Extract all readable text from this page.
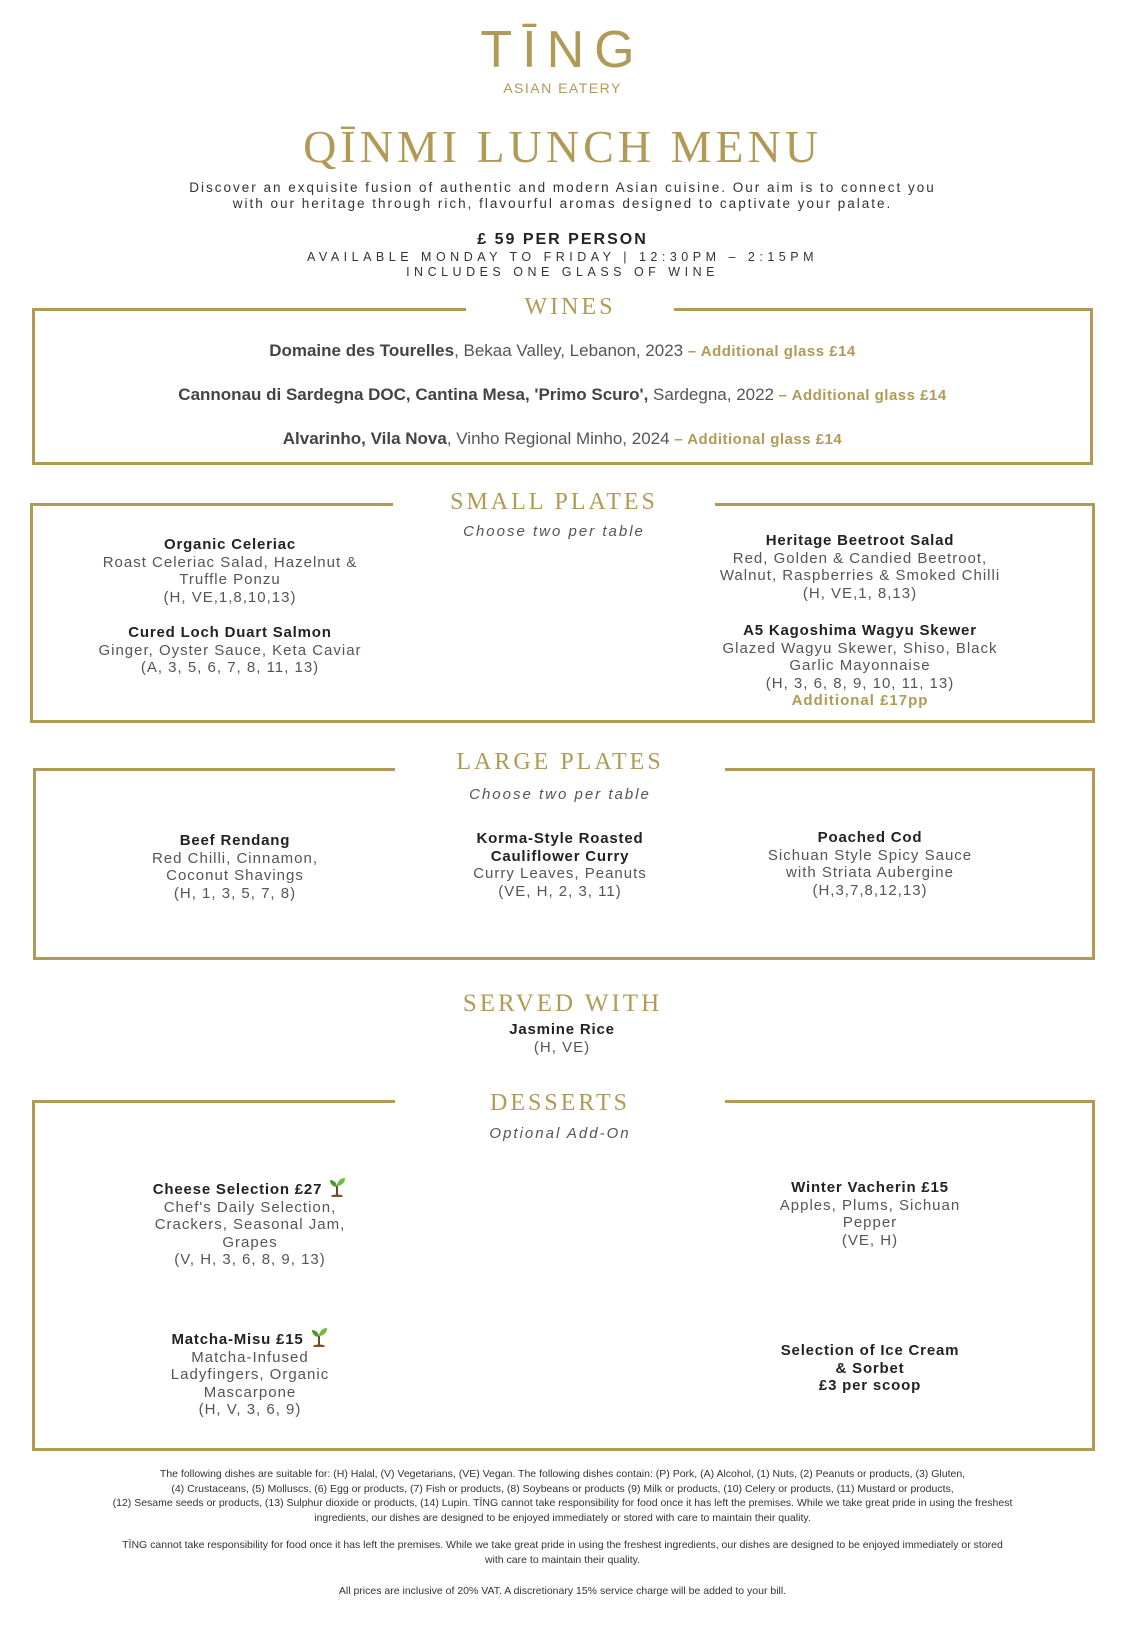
TĪNG
ASIAN EATERY
QĪNMI LUNCH MENU
Discover an exquisite fusion of authentic and modern Asian cuisine. Our aim is to connect you
with our heritage through rich, flavourful aromas designed to captivate your palate.
£ 59 PER PERSON
AVAILABLE MONDAY TO FRIDAY | 12:30PM – 2:15PM
INCLUDES ONE GLASS OF WINE
WINES
Domaine des Tourelles, Bekaa Valley, Lebanon, 2023 – Additional glass £14
Cannonau di Sardegna DOC, Cantina Mesa, 'Primo Scuro', Sardegna, 2022 – Additional glass £14
Alvarinho, Vila Nova, Vinho Regional Minho, 2024 – Additional glass £14
SMALL PLATES
Choose two per table
Organic Celeriac
Roast Celeriac Salad, Hazelnut &
Truffle Ponzu
(H, VE,1,8,10,13)
Cured Loch Duart Salmon
Ginger, Oyster Sauce, Keta Caviar
(A, 3, 5, 6, 7, 8, 11, 13)
Heritage Beetroot Salad
Red, Golden & Candied Beetroot,
Walnut, Raspberries & Smoked Chilli
(H, VE,1, 8,13)
A5 Kagoshima Wagyu Skewer
Glazed Wagyu Skewer, Shiso, Black
Garlic Mayonnaise
(H, 3, 6, 8, 9, 10, 11, 13)
Additional £17pp
LARGE PLATES
Choose two per table
Beef Rendang
Red Chilli, Cinnamon,
Coconut Shavings
(H, 1, 3, 5, 7, 8)
Korma-Style Roasted
Cauliflower Curry
Curry Leaves, Peanuts
(VE, H, 2, 3, 11)
Poached Cod
Sichuan Style Spicy Sauce
with Striata Aubergine
(H,3,7,8,12,13)
SERVED WITH
Jasmine Rice
(H, VE)
DESSERTS
Optional Add-On
Cheese Selection £27
Chef's Daily Selection,
Crackers, Seasonal Jam,
Grapes
(V, H, 3, 6, 8, 9, 13)
Winter Vacherin £15
Apples, Plums, Sichuan
Pepper
(VE, H)
Matcha-Misu £15
Matcha-Infused
Ladyfingers, Organic
Mascarpone
(H, V, 3, 6, 9)
Selection of Ice Cream
& Sorbet
£3 per scoop
The following dishes are suitable for: (H) Halal, (V) Vegetarians, (VE) Vegan. The following dishes contain: (P) Pork, (A) Alcohol, (1) Nuts, (2) Peanuts or products, (3) Gluten,
(4) Crustaceans, (5) Molluscs, (6) Egg or products, (7) Fish or products, (8) Soybeans or products (9) Milk or products, (10) Celery or products, (11) Mustard or products,
(12) Sesame seeds or products, (13) Sulphur dioxide or products, (14) Lupin. TĪNG cannot take responsibility for food once it has left the premises. While we take great pride in using the freshest
ingredients, our dishes are designed to be enjoyed immediately or stored with care to maintain their quality.
TĪNG cannot take responsibility for food once it has left the premises. While we take great pride in using the freshest ingredients, our dishes are designed to be enjoyed immediately or stored
with care to maintain their quality.
All prices are inclusive of 20% VAT. A discretionary 15% service charge will be added to your bill.
